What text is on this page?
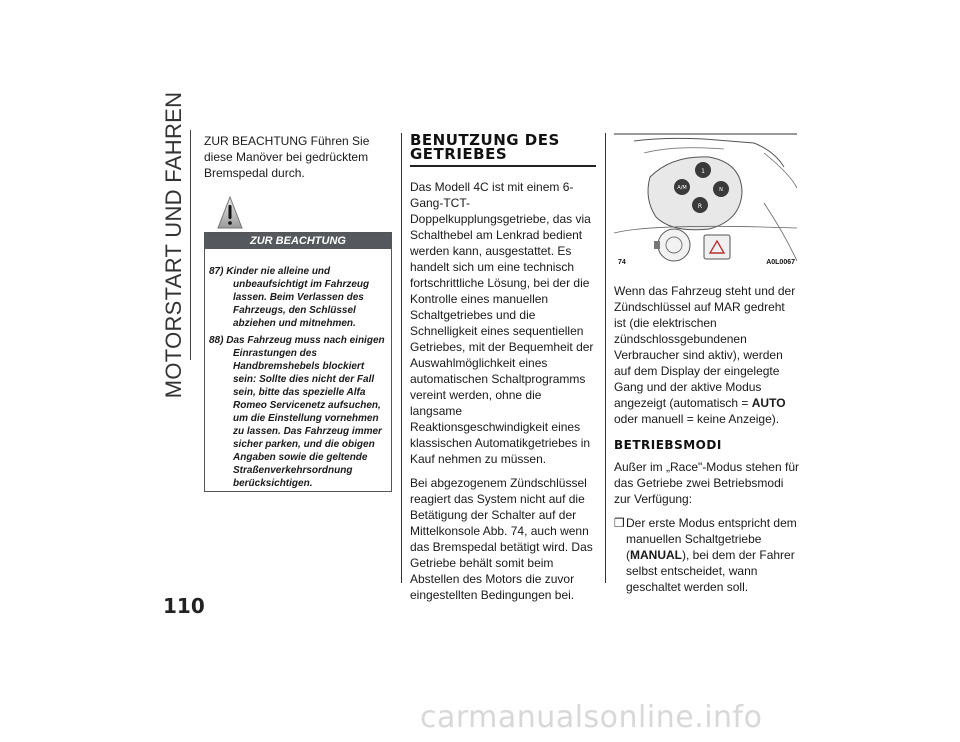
MOTORSTART UND FAHREN ZUR BEACHTUNG Führen Sie diese Manöver bei gedrücktem Bremspedal durch.

ZUR BEACHTUNG
87) Kinder nie alleine und unbeaufsichtigt im Fahrzeug lassen. Beim Verlassen des Fahrzeugs, den Schlüssel abziehen und mitnehmen.
88) Das Fahrzeug muss nach einigen Einrastungen des Handbremshebels blockiert sein: Sollte dies nicht der Fall sein, bitte das spezielle Alfa Romeo Servicenetz aufsuchen, um die Einstellung vornehmen zu lassen. Das Fahrzeug immer sicher parken, und die obigen Angaben sowie die geltende Straßenverkehrsordnung berücksichtigen.
BENUTZUNG DES GETRIEBES

Das Modell 4C ist mit einem 6-Gang-TCT-Doppelkupplungsgetriebe, das via Schalthebel am Lenkrad bedient werden kann, ausgestattet. Es handelt sich um eine technisch fortschrittliche Lösung, bei der die Kontrolle eines manuellen Schaltgetriebes und die Schnelligkeit eines sequentiellen Getriebes, mit der Bequemheit der Auswahlmöglichkeit eines automatischen Schaltprogramms vereint werden, ohne die langsame Reaktionsgeschwindigkeit eines klassischen Automatikgetriebes in Kauf nehmen zu müssen.

Bei abgezogenem Zündschlüssel reagiert das System nicht auf die Betätigung der Schalter auf der Mittelkonsole Abb. 74, auch wenn das Bremspedal betätigt wird. Das Getriebe behält somit beim Abstellen des Motors die zuvor eingestellten Bedingungen bei.

1
A/M	N
R
74	A0L0067

Wenn das Fahrzeug steht und der Zündschlüssel auf MAR gedreht ist (die elektrischen zündschlossgebundenen Verbraucher sind aktiv), werden auf dem Display der eingelegte Gang und der aktive Modus angezeigt (automatisch = AUTO oder manuell = keine Anzeige).

BETRIEBSMODI

Außer im „Race"-Modus stehen für das Getriebe zwei Betriebsmodi zur Verfügung:

❒ Der erste Modus entspricht dem manuellen Schaltgetriebe (MANUAL), bei dem der Fahrer selbst entscheidet, wann geschaltet werden soll.
110
carmanualsonline.info
